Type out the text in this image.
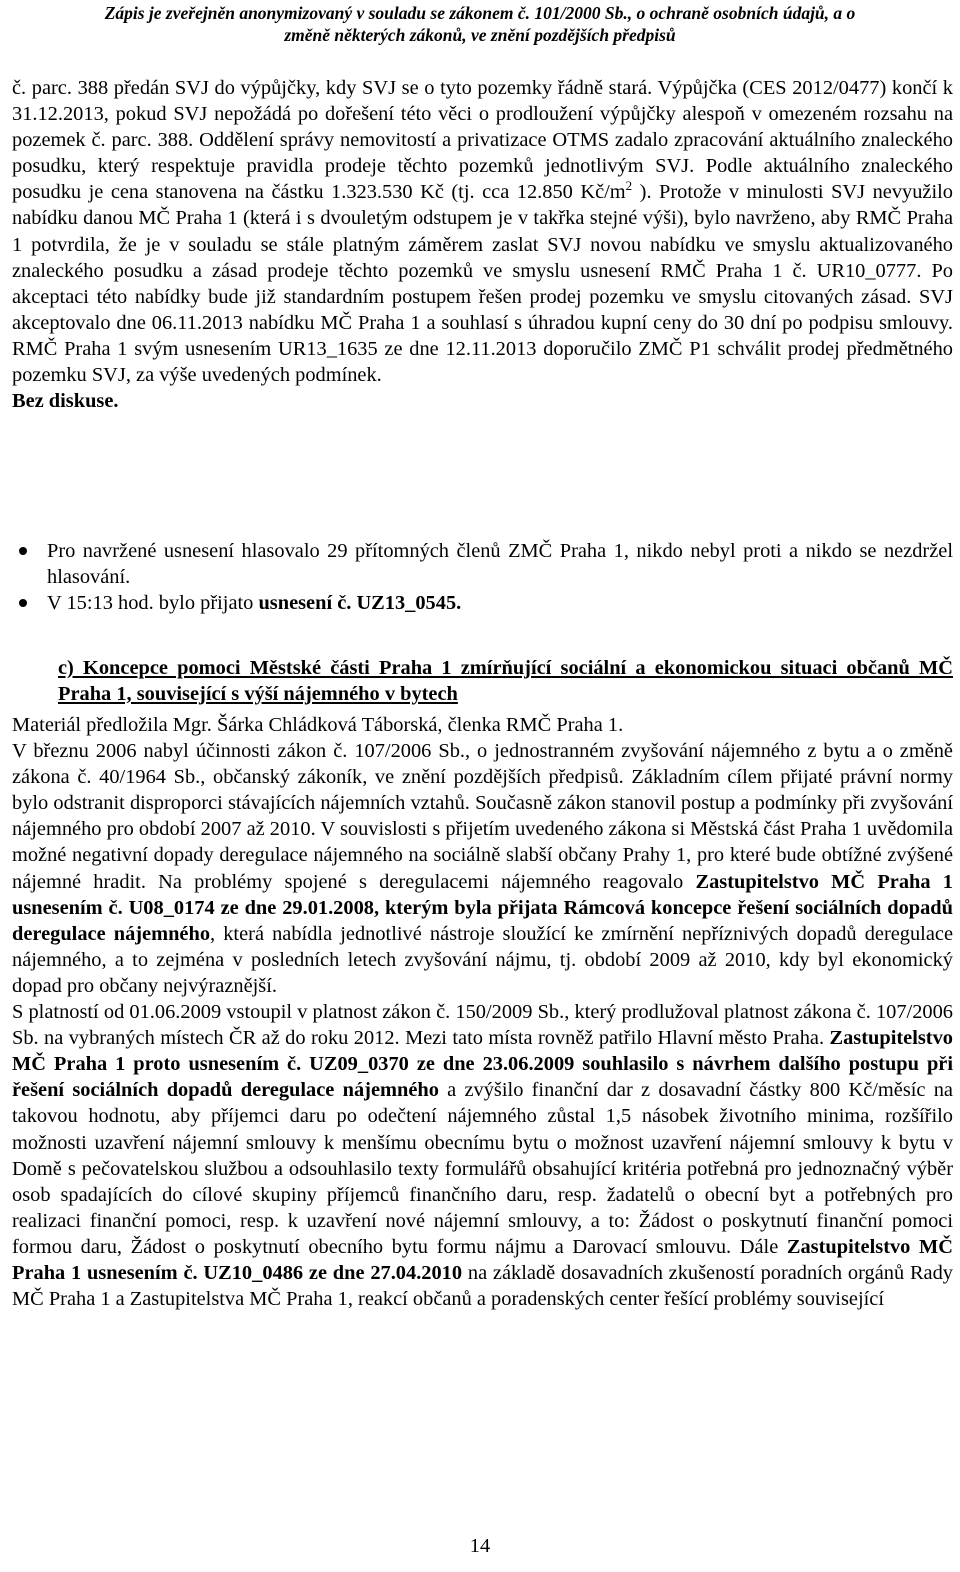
Zápis je zveřejněn anonymizovaný v souladu se zákonem č. 101/2000 Sb., o ochraně osobních údajů, a o
změně některých zákonů, ve znění pozdějších předpisů

č. parc. 388 předán SVJ do výpůjčky, kdy SVJ se o tyto pozemky řádně stará. Výpůjčka (CES 2012/0477) končí k 31.12.2013, pokud SVJ nepožádá po dořešení této věci o prodloužení výpůjčky alespoň v omezeném rozsahu na pozemek č. parc. 388. Oddělení správy nemovitostí a privatizace OTMS zadalo zpracování aktuálního znaleckého posudku, který respektuje pravidla prodeje těchto pozemků jednotlivým SVJ. Podle aktuálního znaleckého posudku je cena stanovena na částku 1.323.530 Kč (tj. cca 12.850 $Kč/m^2$ ). Protože v minulosti SVJ nevyužilo nabídku danou MČ Praha 1 (která i s dvouletým odstupem je v takřka stejné výši), bylo navrženo, aby RMČ Praha 1 potvrdila, že je v souladu se stále platným záměrem zaslat SVJ novou nabídku ve smyslu aktualizovaného znaleckého posudku a zásad prodeje těchto pozemků ve smyslu usnesení RMČ Praha 1 č. UR10_0777. Po akceptaci této nabídky bude již standardním postupem řešen prodej pozemku ve smyslu citovaných zásad. SVJ akceptovalo dne 06.11.2013 nabídku MČ Praha 1 a souhlasí s úhradou kupní ceny do 30 dní po podpisu smlouvy. RMČ Praha 1 svým usnesením UR13_1635 ze dne 12.11.2013 doporučilo ZMČ P1 schválit prodej předmětného pozemku SVJ, za výše uvedených podmínek.
Bez diskuse.

Pro navržené usnesení hlasovalo 29 přítomných členů ZMČ Praha 1, nikdo nebyl proti a nikdo se nezdržel hlasování.
V 15:13 hod. bylo přijato usnesení č. UZ13_0545.

c) Koncepce pomoci Městské části Praha 1 zmírňující sociální a ekonomickou situaci občanů MČ Praha 1, související s výší nájemného v bytech

Materiál předložila Mgr. Šárka Chládková Táborská, členka RMČ Praha 1.
V březnu 2006 nabyl účinnosti zákon č. 107/2006 Sb., o jednostranném zvyšování nájemného z bytu a o změně zákona č. 40/1964 Sb., občanský zákoník, ve znění pozdějších předpisů. Základním cílem přijaté právní normy bylo odstranit disproporci stávajících nájemních vztahů. Současně zákon stanovil postup a podmínky při zvyšování nájemného pro období 2007 až 2010. V souvislosti s přijetím uvedeného zákona si Městská část Praha 1 uvědomila možné negativní dopady deregulace nájemného na sociálně slabší občany Prahy 1, pro které bude obtížné zvýšené nájemné hradit. Na problémy spojené s deregulacemi nájemného reagovalo Zastupitelstvo MČ Praha 1 usnesením č. U08_0174 ze dne 29.01.2008, kterým byla přijata Rámcová koncepce řešení sociálních dopadů deregulace nájemného, která nabídla jednotlivé nástroje sloužící ke zmírnění nepříznivých dopadů deregulace nájemného, a to zejména v posledních letech zvyšování nájmu, tj. období 2009 až 2010, kdy byl ekonomický dopad pro občany nejvýraznější.
S platností od 01.06.2009 vstoupil v platnost zákon č. 150/2009 Sb., který prodlužoval platnost zákona č. 107/2006 Sb. na vybraných místech ČR až do roku 2012. Mezi tato místa rovněž patřilo Hlavní město Praha. Zastupitelstvo MČ Praha 1 proto usnesením č. UZ09_0370 ze dne 23.06.2009 souhlasilo s návrhem dalšího postupu při řešení sociálních dopadů deregulace nájemného a zvýšilo finanční dar z dosavadní částky 800 Kč/měsíc na takovou hodnotu, aby příjemci daru po odečtení nájemného zůstal 1,5 násobek životního minima, rozšířilo možnosti uzavření nájemní smlouvy k menšímu obecnímu bytu o možnost uzavření nájemní smlouvy k bytu v Domě s pečovatelskou službou a odsouhlasilo texty formulářů obsahující kritéria potřebná pro jednoznačný výběr osob spadajících do cílové skupiny příjemců finančního daru, resp. žadatelů o obecní byt a potřebných pro realizaci finanční pomoci, resp. k uzavření nové nájemní smlouvy, a to: Žádost o poskytnutí finanční pomoci formou daru, Žádost o poskytnutí obecního bytu formu nájmu a Darovací smlouvu. Dále Zastupitelstvo MČ Praha 1 usnesením č. UZ10_0486 ze dne 27.04.2010 na základě dosavadních zkušeností poradních orgánů Rady MČ Praha 1 a Zastupitelstva MČ Praha 1, reakcí občanů a poradenských center řešící problémy související

14
